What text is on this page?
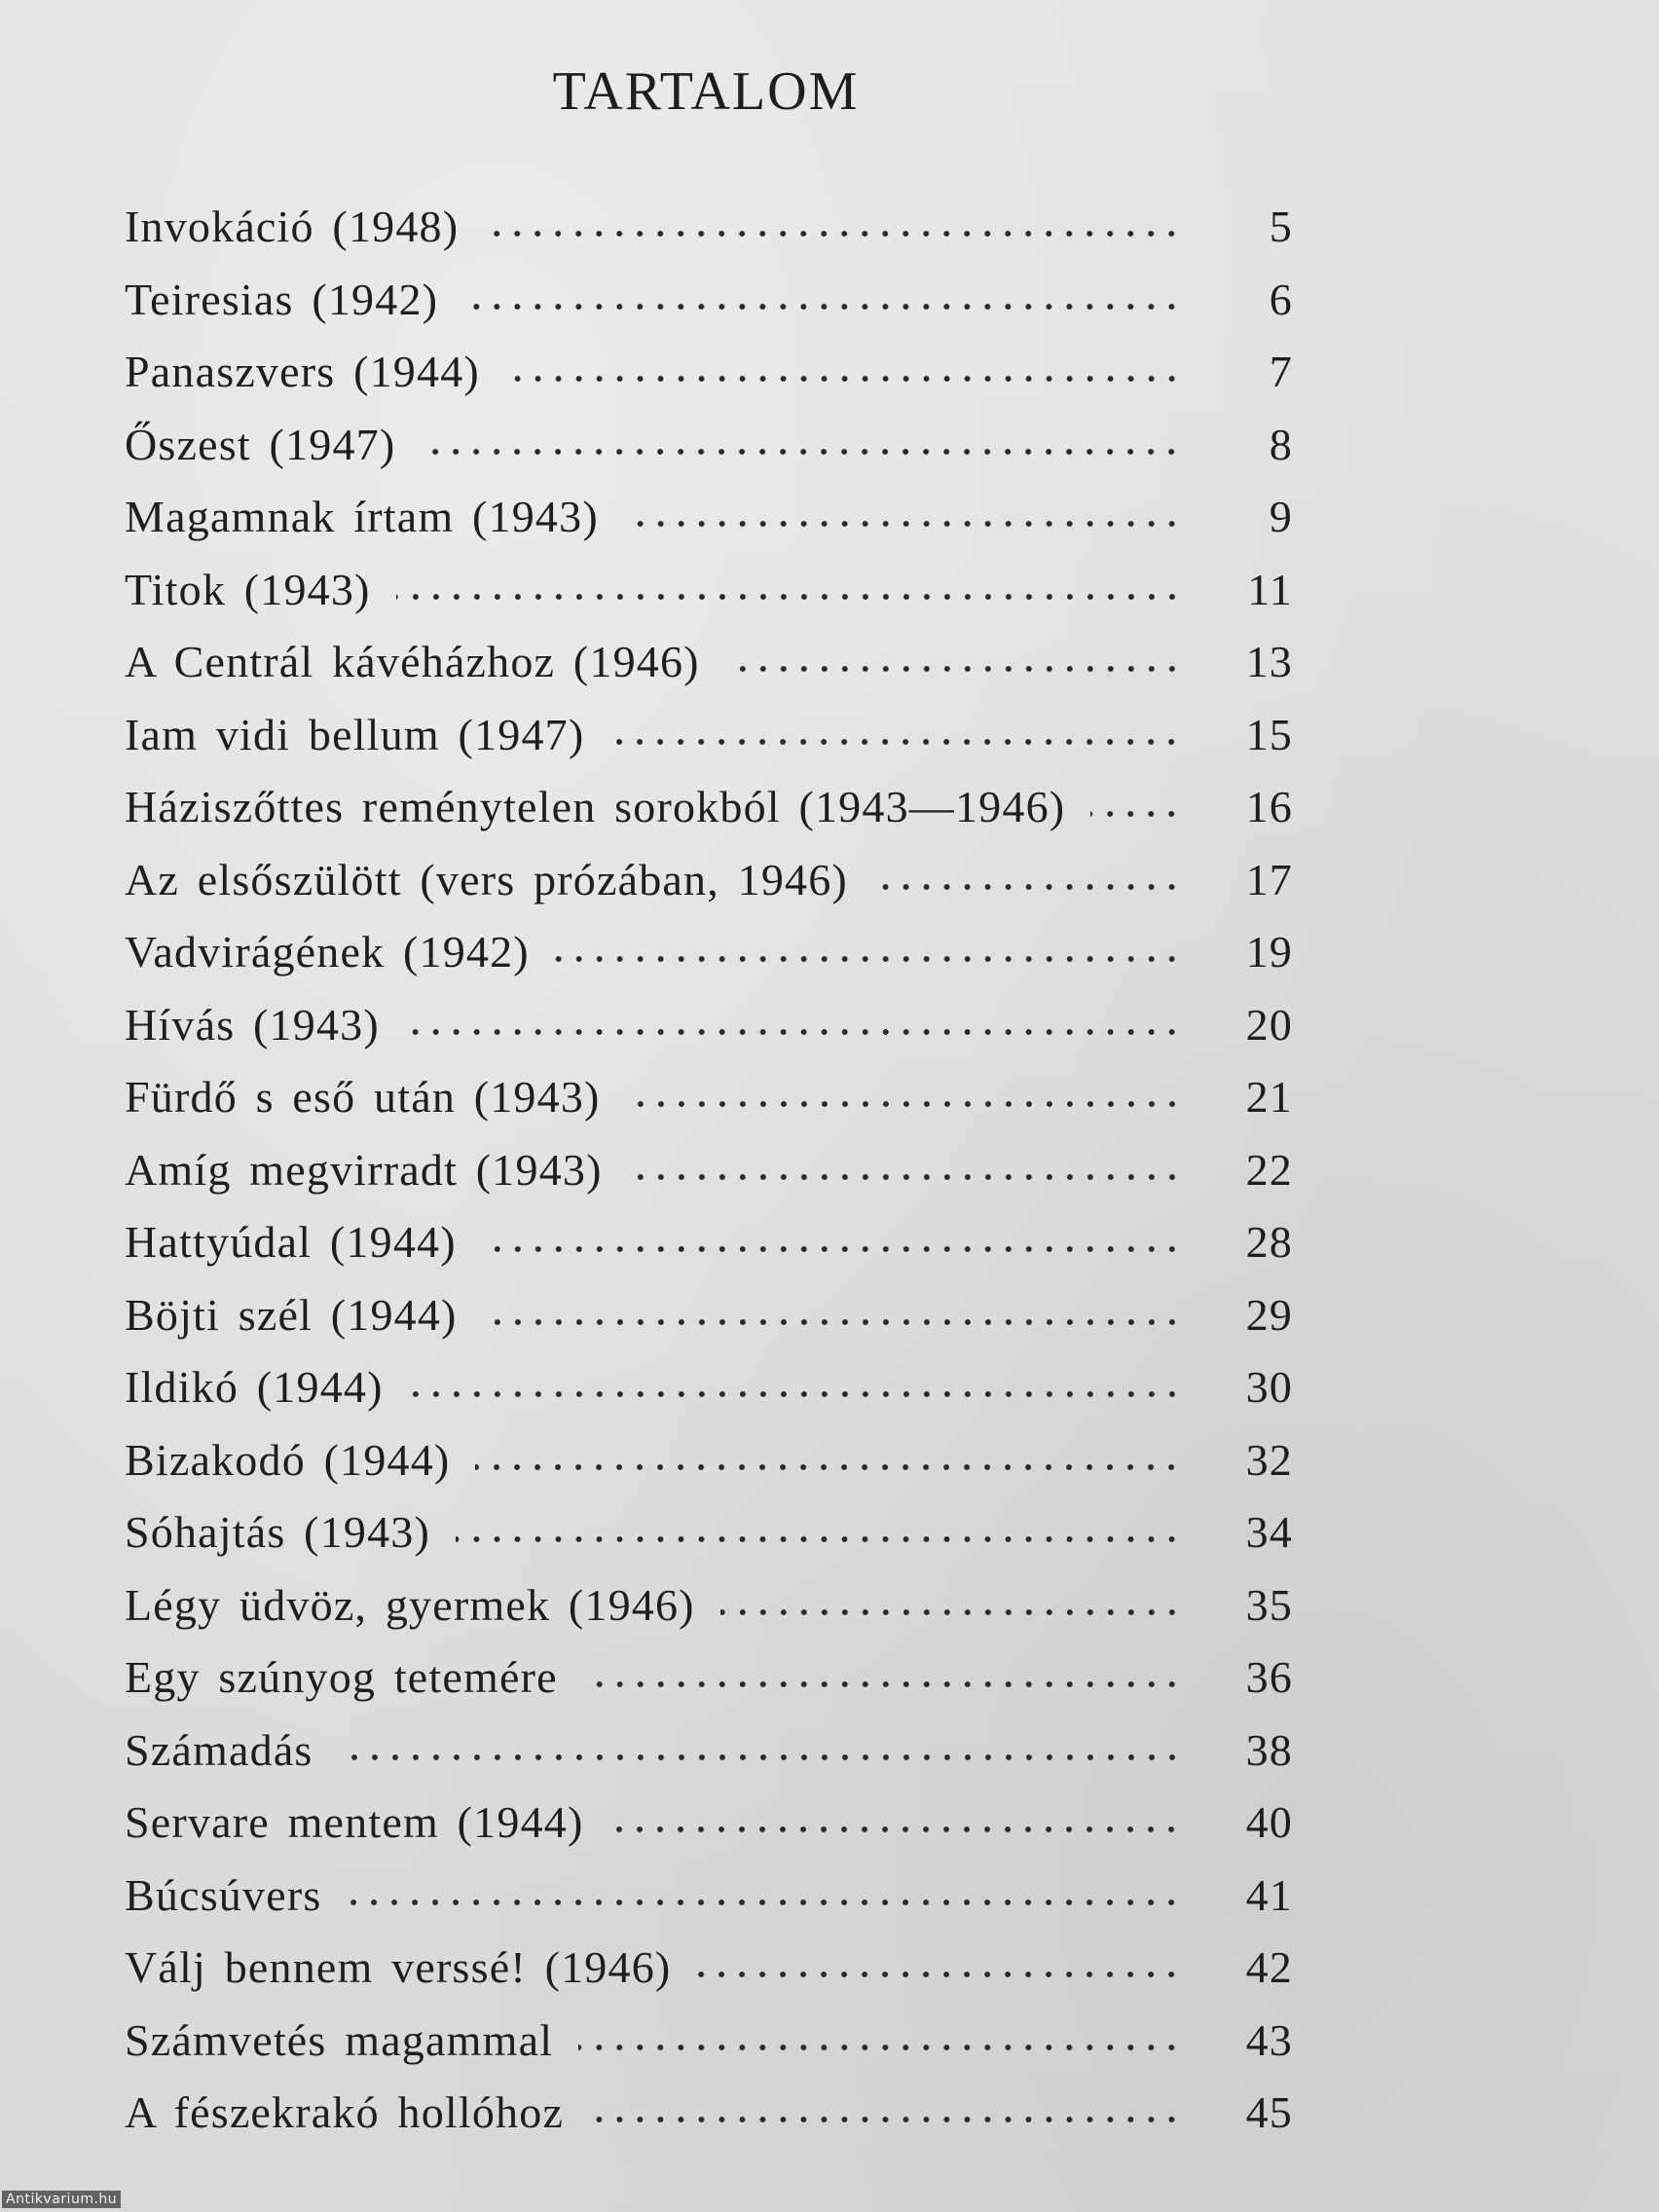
TARTALOM
Invokáció (1948)	5
Teiresias (1942)	6
Panaszvers (1944)	7
Őszest (1947)	8
Magamnak írtam (1943)	9
Titok (1943)	11
A Centrál kávéházhoz (1946)	13
Iam vidi bellum (1947)	15
Háziszőttes reménytelen sorokból (1943—1946)	16
Az elsőszülött (vers prózában, 1946)	17
Vadvirágének (1942)	19
Hívás (1943)	20
Fürdő s eső után (1943)	21
Amíg megvirradt (1943)	22
Hattyúdal (1944)	28
Böjti szél (1944)	29
Ildikó (1944)	30
Bizakodó (1944)	32
Sóhajtás (1943)	34
Légy üdvöz, gyermek (1946)	35
Egy szúnyog tetemére	36
Számadás	38
Servare mentem (1944)	40
Búcsúvers	41
Válj bennem verssé! (1946)	42
Számvetés magammal	43
A fészekrakó hollóhoz	45
Antikvarium.hu
